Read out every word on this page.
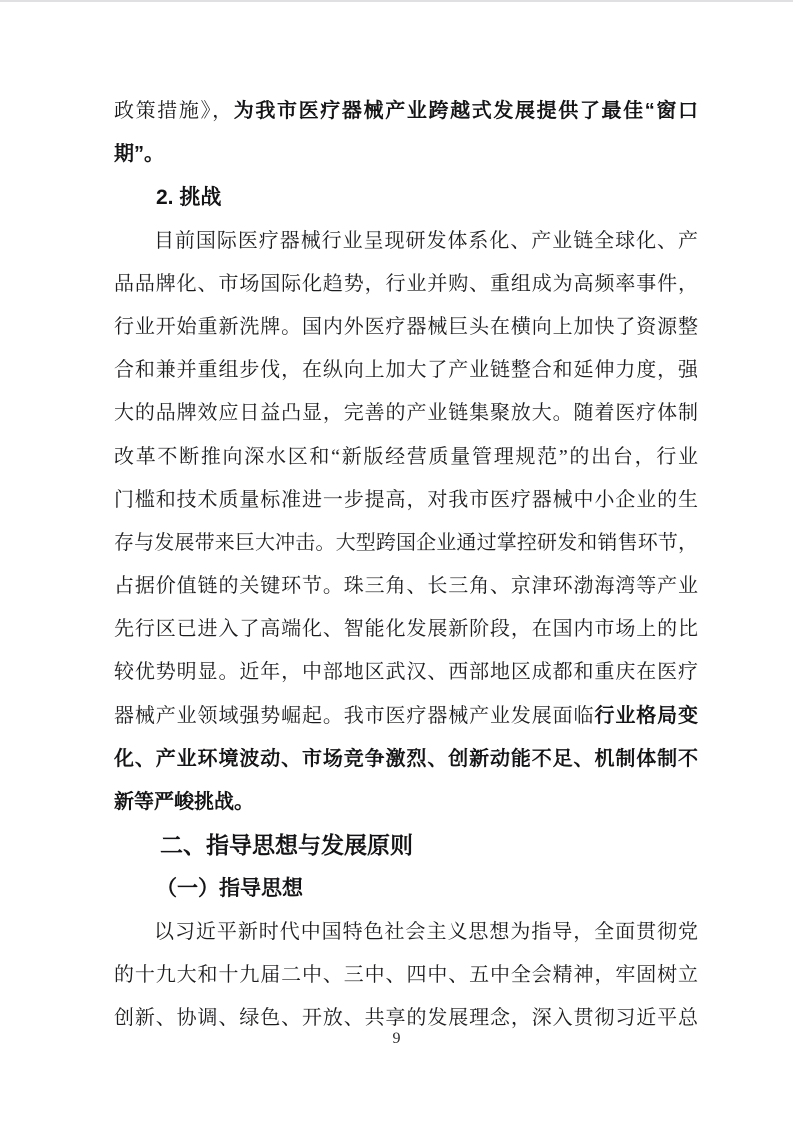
政策措施》，为我市医疗器械产业跨越式发展提供了最佳“窗口
期”。
2. 挑战
目前国际医疗器械行业呈现研发体系化、产业链全球化、产
品品牌化、市场国际化趋势，行业并购、重组成为高频率事件，
行业开始重新洗牌。国内外医疗器械巨头在横向上加快了资源整
合和兼并重组步伐，在纵向上加大了产业链整合和延伸力度，强
大的品牌效应日益凸显，完善的产业链集聚放大。随着医疗体制
改革不断推向深水区和“新版经营质量管理规范”的出台，行业
门槛和技术质量标准进一步提高，对我市医疗器械中小企业的生
存与发展带来巨大冲击。大型跨国企业通过掌控研发和销售环节，
占据价值链的关键环节。珠三角、长三角、京津环渤海湾等产业
先行区已进入了高端化、智能化发展新阶段，在国内市场上的比
较优势明显。近年，中部地区武汉、西部地区成都和重庆在医疗
器械产业领域强势崛起。我市医疗器械产业发展面临行业格局变
化、产业环境波动、市场竞争激烈、创新动能不足、机制体制不
新等严峻挑战。
二、指导思想与发展原则
（一）指导思想
以习近平新时代中国特色社会主义思想为指导，全面贯彻党
的十九大和十九届二中、三中、四中、五中全会精神，牢固树立
创新、协调、绿色、开放、共享的发展理念，深入贯彻习近平总
9
